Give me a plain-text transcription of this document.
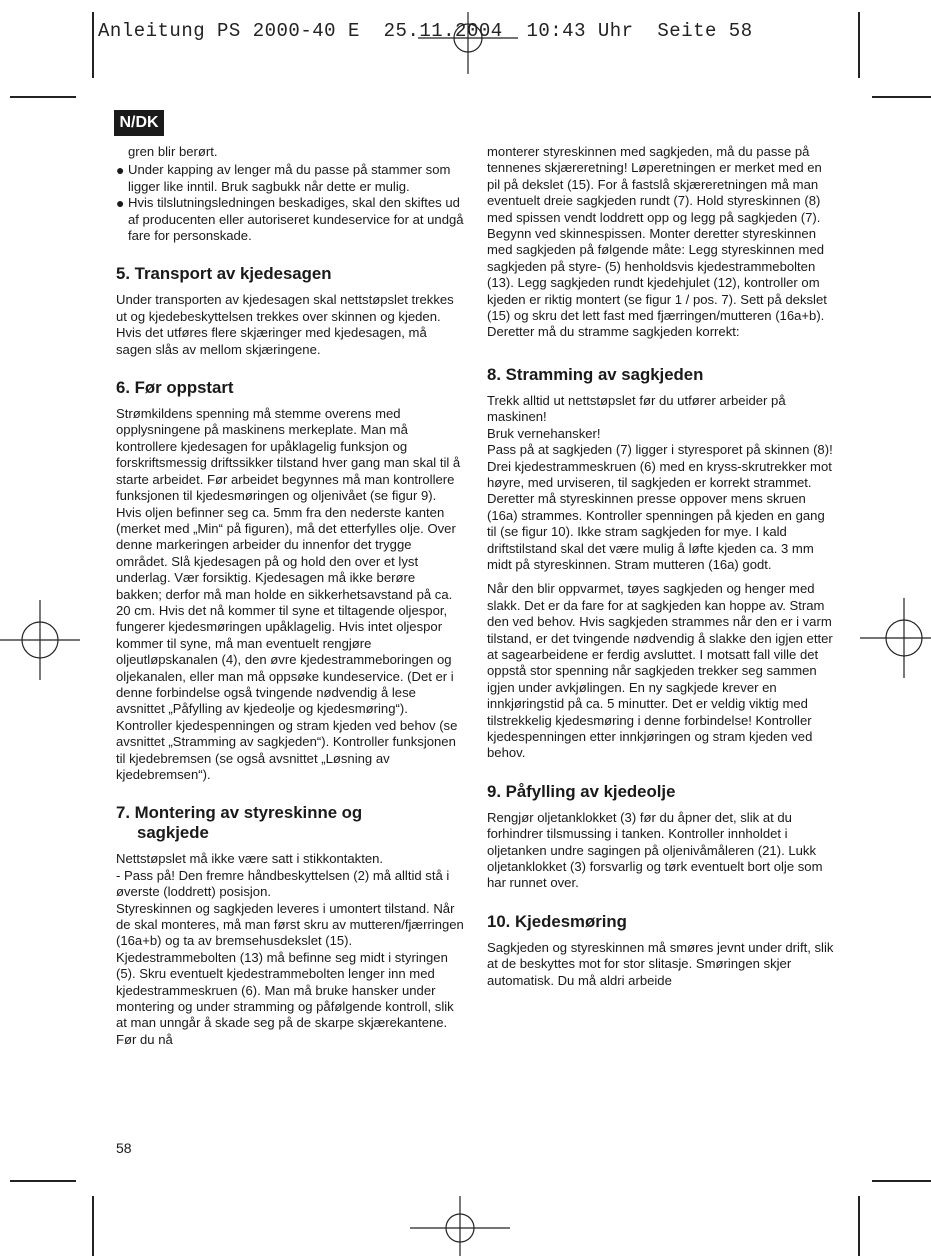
Anleitung PS 2000-40 E  25.11.2004  10:43 Uhr  Seite 58
N/DK

gren blir berørt.

● Under kapping av lenger må du passe på stammer som ligger like inntil. Bruk sagbukk når dette er mulig.
● Hvis tilslutningsledningen beskadiges, skal den skiftes ud af producenten eller autoriseret kundeservice for at undgå fare for personskade.
5. Transport av kjedesagen

Under transporten av kjedesagen skal nettstøpslet trekkes ut og kjedebeskyttelsen trekkes over skinnen og kjeden. Hvis det utføres flere skjæringer med kjedesagen, må sagen slås av mellom skjæringene.

6. Før oppstart

Strømkildens spenning må stemme overens med opplysningene på maskinens merkeplate. Man må kontrollere kjedesagen for upåklagelig funksjon og forskriftsmessig driftssikker tilstand hver gang man skal til å starte arbeidet. Før arbeidet begynnes må man kontrollere funksjonen til kjedesmøringen og oljenivået (se figur 9). Hvis oljen befinner seg ca. 5mm fra den nederste kanten (merket med „Min“ på figuren), må det etterfylles olje. Over denne markeringen arbeider du innenfor det trygge området. Slå kjedesagen på og hold den over et lyst underlag. Vær forsiktig. Kjedesagen må ikke berøre bakken; derfor må man holde en sikkerhetsavstand på ca. 20 cm. Hvis det nå kommer til syne et tiltagende oljespor, fungerer kjedesmøringen upåklagelig. Hvis intet oljespor kommer til syne, må man eventuelt rengjøre oljeutløpskanalen (4), den øvre kjedestrammeboringen og oljekanalen, eller man må oppsøke kundeservice. (Det er i denne forbindelse også tvingende nødvendig å lese avsnittet „Påfylling av kjedeolje og kjedesmøring“). Kontroller kjedespenningen og stram kjeden ved behov (se avsnittet „Stramming av sagkjeden“). Kontroller funksjonen til kjedebremsen (se også avsnittet „Løsning av kjedebremsen“).

7. Montering av styreskinne og
sagkjede

Nettstøpslet må ikke være satt i stikkontakten.

- Pass på! Den fremre håndbeskyttelsen (2) må alltid stå i øverste (loddrett) posisjon.

Styreskinnen og sagkjeden leveres i umontert tilstand. Når de skal monteres, må man først skru av mutteren/fjærringen (16a+b) og ta av bremsehusdekslet (15). Kjedestrammebolten (13) må befinne seg midt i styringen (5). Skru eventuelt kjedestrammebolten lenger inn med kjedestrammeskruen (6). Man må bruke hansker under montering og under stramming og påfølgende kontroll, slik at man unngår å skade seg på de skarpe skjærekantene. Før du nå

monterer styreskinnen med sagkjeden, må du passe på tennenes skjæreretning! Løperetningen er merket med en pil på dekslet (15). For å fastslå skjæreretningen må man eventuelt dreie sagkjeden rundt (7). Hold styreskinnen (8) med spissen vendt loddrett opp og legg på sagkjeden (7). Begynn ved skinnespissen. Monter deretter styreskinnen med sagkjeden på følgende måte: Legg styreskinnen med sagkjeden på styre- (5) henholdsvis kjedestrammebolten (13). Legg sagkjeden rundt kjedehjulet (12), kontroller om kjeden er riktig montert (se figur 1 / pos. 7). Sett på dekslet (15) og skru det lett fast med fjærringen/mutteren (16a+b). Deretter må du stramme sagkjeden korrekt:

8. Stramming av sagkjeden

Trekk alltid ut nettstøpslet før du utfører arbeider på maskinen!

Bruk vernehansker!

Pass på at sagkjeden (7) ligger i styresporet på skinnen (8)! Drei kjedestrammeskruen (6) med en kryss-skrutrekker mot høyre, med urviseren, til sagkjeden er korrekt strammet. Deretter må styreskinnen presse oppover mens skruen (16a) strammes. Kontroller spenningen på kjeden en gang til (se figur 10). Ikke stram sagkjeden for mye. I kald driftstilstand skal det være mulig å løfte kjeden ca. 3 mm midt på styreskinnen. Stram mutteren (16a) godt.

Når den blir oppvarmet, tøyes sagkjeden og henger med slakk. Det er da fare for at sagkjeden kan hoppe av. Stram den ved behov. Hvis sagkjeden strammes når den er i varm tilstand, er det tvingende nødvendig å slakke den igjen etter at sagearbeidene er ferdig avsluttet. I motsatt fall ville det oppstå stor spenning når sagkjeden trekker seg sammen igjen under avkjølingen. En ny sagkjede krever en innkjøringstid på ca. 5 minutter. Det er veldig viktig med tilstrekkelig kjedesmøring i denne forbindelse! Kontroller kjedespenningen etter innkjøringen og stram kjeden ved behov.

9. Påfylling av kjedeolje

Rengjør oljetanklokket (3) før du åpner det, slik at du forhindrer tilsmussing i tanken. Kontroller innholdet i oljetanken undre sagingen på oljenivåmåleren (21). Lukk oljetanklokket (3) forsvarlig og tørk eventuelt bort olje som har runnet over.

10. Kjedesmøring

Sagkjeden og styreskinnen må smøres jevnt under drift, slik at de beskyttes mot for stor slitasje. Smøringen skjer automatisk. Du må aldri arbeide

58
